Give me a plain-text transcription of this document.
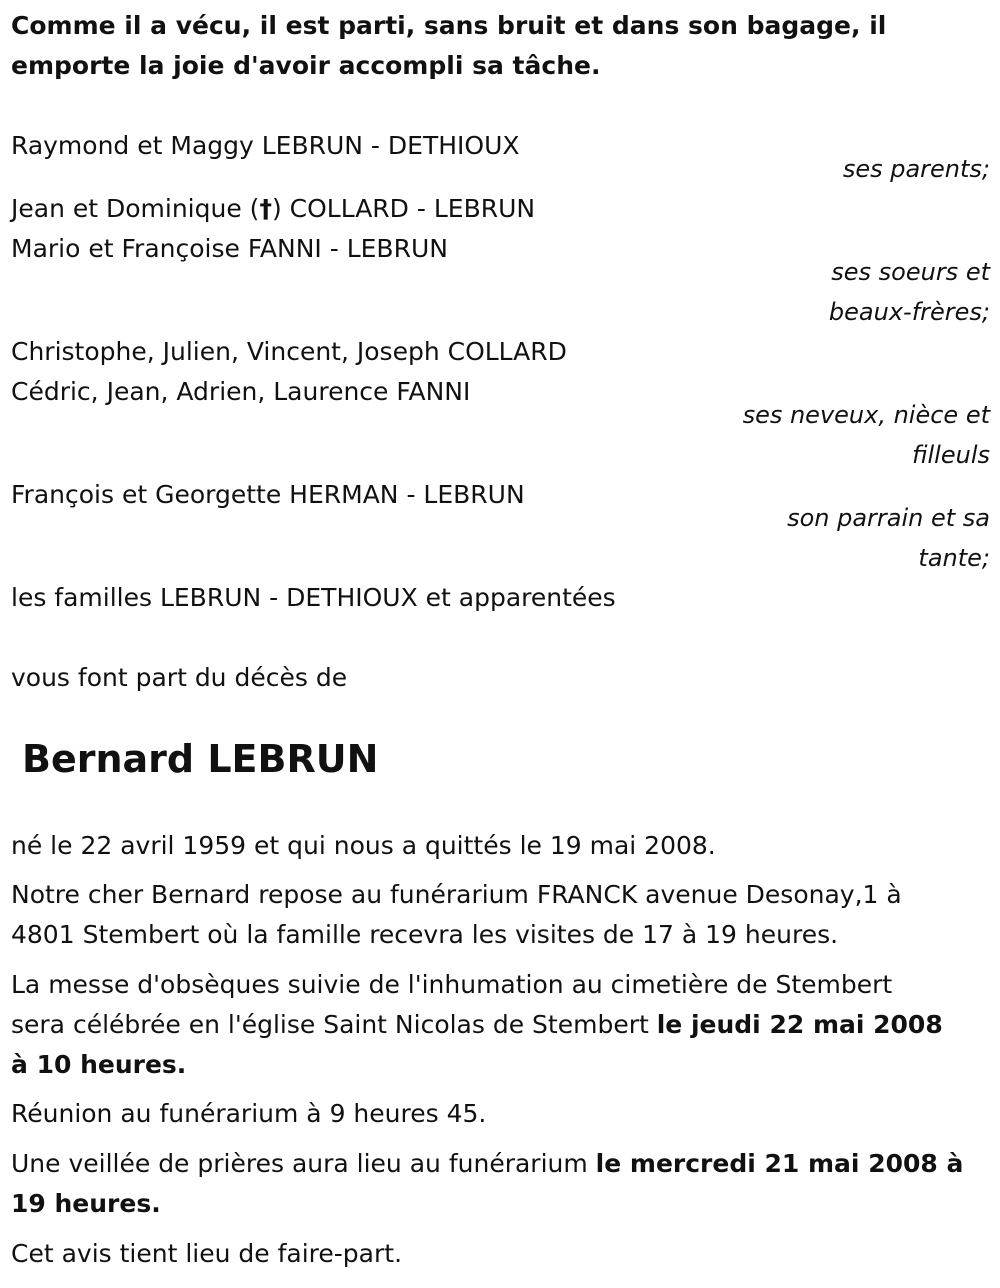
Comme il a vécu, il est parti, sans bruit et dans son bagage, il
emporte la joie d'avoir accompli sa tâche.
Raymond et Maggy LEBRUN - DETHIOUX
ses parents;
Jean et Dominique (†) COLLARD - LEBRUN
Mario et Françoise FANNI - LEBRUN
ses soeurs et
beaux-frères;
Christophe, Julien, Vincent, Joseph COLLARD
Cédric, Jean, Adrien, Laurence FANNI
ses neveux, nièce et
filleuls
François et Georgette HERMAN - LEBRUN
son parrain et sa
tante;
les familles LEBRUN - DETHIOUX et apparentées
vous font part du décès de
Bernard LEBRUN
né le 22 avril 1959 et qui nous a quittés le 19 mai 2008.
Notre cher Bernard repose au funérarium FRANCK avenue Desonay,1 à
4801 Stembert où la famille recevra les visites de 17 à 19 heures.
La messe d'obsèques suivie de l'inhumation au cimetière de Stembert
sera célébrée en l'église Saint Nicolas de Stembert le jeudi 22 mai 2008
à 10 heures.
Réunion au funérarium à 9 heures 45.
Une veillée de prières aura lieu au funérarium le mercredi 21 mai 2008 à
19 heures.
Cet avis tient lieu de faire-part.
